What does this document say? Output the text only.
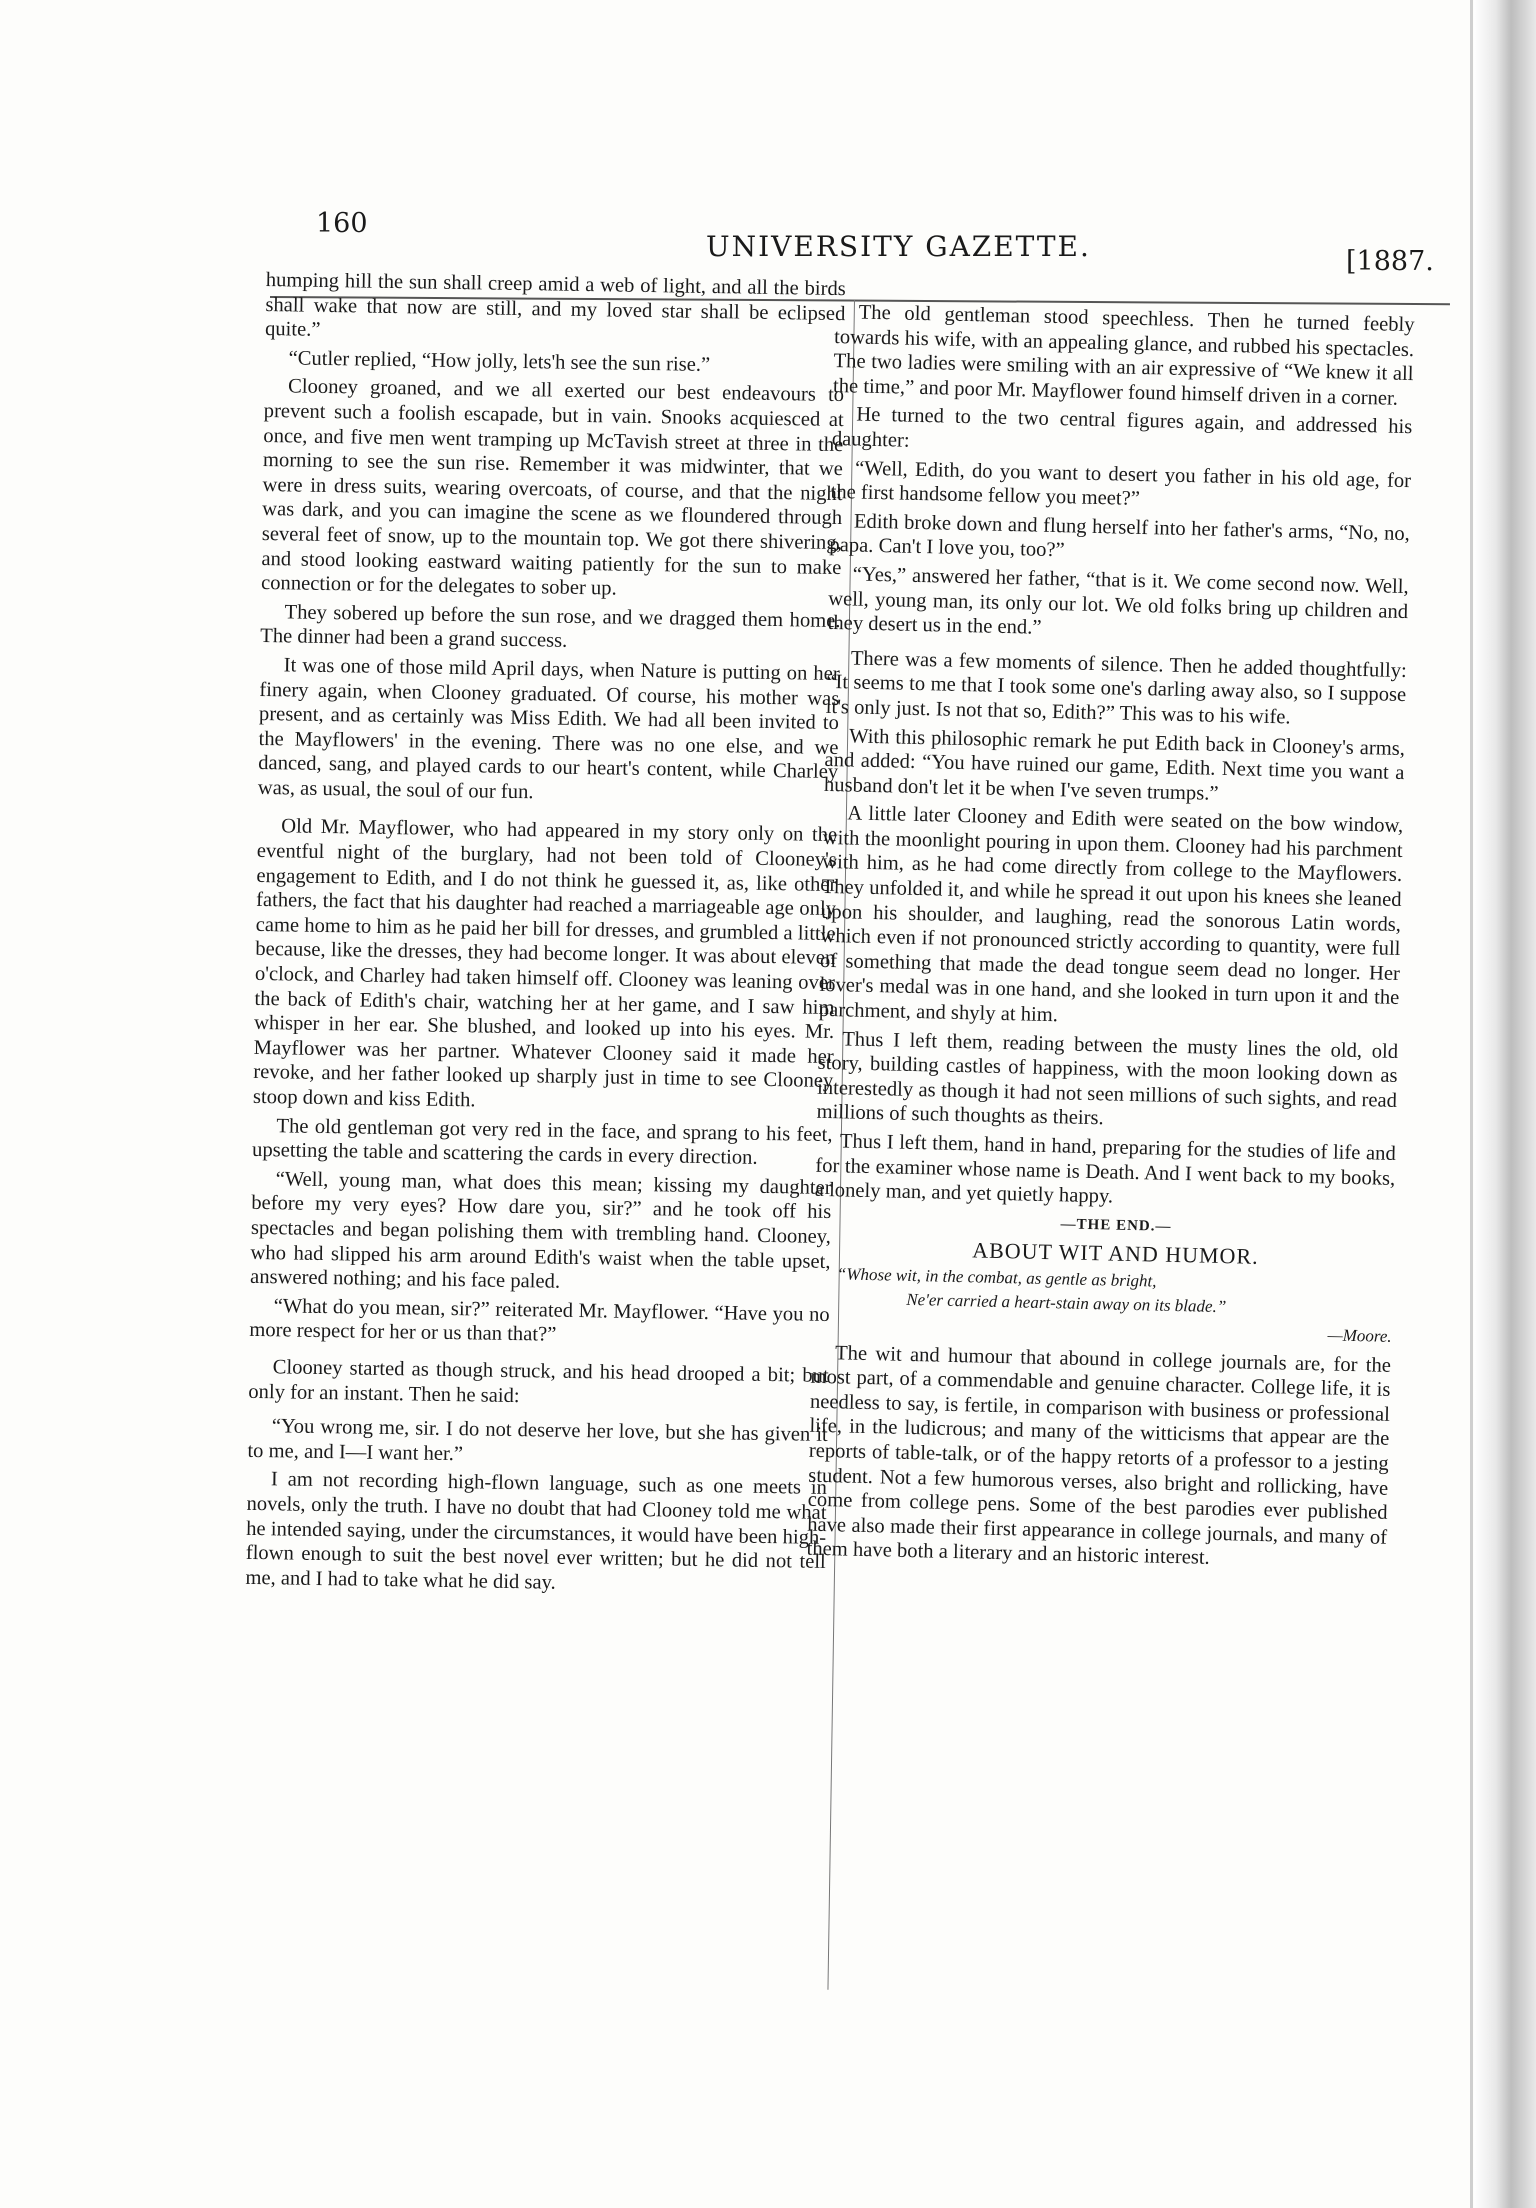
160
UNIVERSITY GAZETTE.	[1887.

humping hill the sun shall creep amid a web of light, and all the birds shall wake that now are still, and my loved star shall be eclipsed quite.”

“Cutler replied, “How jolly, lets'h see the sun rise.”

Clooney groaned, and we all exerted our best endeavours to prevent such a foolish escapade, but in vain. Snooks acquiesced at once, and five men went tramping up McTavish street at three in the morning to see the sun rise. Remember it was midwinter, that we were in dress suits, wearing overcoats, of course, and that the night was dark, and you can imagine the scene as we floundered through several feet of snow, up to the mountain top. We got there shivering, and stood looking eastward waiting patiently for the sun to make connection or for the delegates to sober up.

They sobered up before the sun rose, and we dragged them home. The dinner had been a grand success.

It was one of those mild April days, when Nature is putting on her finery again, when Clooney graduated. Of course, his mother was present, and as certainly was Miss Edith. We had all been invited to the Mayflowers' in the evening. There was no one else, and we danced, sang, and played cards to our heart's content, while Charley was, as usual, the soul of our fun.

Old Mr. Mayflower, who had appeared in my story only on the eventful night of the burglary, had not been told of Clooney's engagement to Edith, and I do not think he guessed it, as, like other fathers, the fact that his daughter had reached a marriageable age only came home to him as he paid her bill for dresses, and grumbled a little because, like the dresses, they had become longer. It was about eleven o'clock, and Charley had taken himself off. Clooney was leaning over the back of Edith's chair, watching her at her game, and I saw him whisper in her ear. She blushed, and looked up into his eyes. Mr. Mayflower was her partner. Whatever Clooney said it made her revoke, and her father looked up sharply just in time to see Clooney stoop down and kiss Edith.

The old gentleman got very red in the face, and sprang to his feet, upsetting the table and scattering the cards in every direction.

“Well, young man, what does this mean; kissing my daughter before my very eyes? How dare you, sir?” and he took off his spectacles and began polishing them with trembling hand. Clooney, who had slipped his arm around Edith's waist when the table upset, answered nothing; and his face paled.

“What do you mean, sir?” reiterated Mr. Mayflower. “Have you no more respect for her or us than that?”

Clooney started as though struck, and his head drooped a bit; but only for an instant. Then he said:

“You wrong me, sir. I do not deserve her love, but she has given it to me, and I—I want her.”

I am not recording high-flown language, such as one meets in novels, only the truth. I have no doubt that had Clooney told me what he intended saying, under the circumstances, it would have been high-flown enough to suit the best novel ever written; but he did not tell me, and I had to take what he did say.

The old gentleman stood speechless. Then he turned feebly towards his wife, with an appealing glance, and rubbed his spectacles. The two ladies were smiling with an air expressive of “We knew it all the time,” and poor Mr. Mayflower found himself driven in a corner.

He turned to the two central figures again, and addressed his daughter:

“Well, Edith, do you want to desert you father in his old age, for the first handsome fellow you meet?”

Edith broke down and flung herself into her father's arms, “No, no, papa. Can't I love you, too?”

“Yes,” answered her father, “that is it. We come second now. Well, well, young man, its only our lot. We old folks bring up children and they desert us in the end.”

There was a few moments of silence. Then he added thoughtfully: “It seems to me that I took some one's darling away also, so I suppose it's only just. Is not that so, Edith?” This was to his wife.

With this philosophic remark he put Edith back in Clooney's arms, and added: “You have ruined our game, Edith. Next time you want a husband don't let it be when I've seven trumps.”

A little later Clooney and Edith were seated on the bow window, with the moonlight pouring in upon them. Clooney had his parchment with him, as he had come directly from college to the Mayflowers. They unfolded it, and while he spread it out upon his knees she leaned upon his shoulder, and laughing, read the sonorous Latin words, which even if not pronounced strictly according to quantity, were full of something that made the dead tongue seem dead no longer. Her lover's medal was in one hand, and she looked in turn upon it and the parchment, and shyly at him.

Thus I left them, reading between the musty lines the old, old story, building castles of happiness, with the moon looking down as interestedly as though it had not seen millions of such sights, and read millions of such thoughts as theirs.

Thus I left them, hand in hand, preparing for the studies of life and for the examiner whose name is Death. And I went back to my books, a lonely man, and yet quietly happy.

—THE END.—

ABOUT WIT AND HUMOR.

“Whose wit, in the combat, as gentle as bright,

Ne'er carried a heart-stain away on its blade.”

—Moore.

The wit and humour that abound in college journals are, for the most part, of a commendable and genuine character. College life, it is needless to say, is fertile, in comparison with business or professional life, in the ludicrous; and many of the witticisms that appear are the reports of table-talk, or of the happy retorts of a professor to a jesting student. Not a few humorous verses, also bright and rollicking, have come from college pens. Some of the best parodies ever published have also made their first appearance in college journals, and many of them have both a literary and an historic interest.
